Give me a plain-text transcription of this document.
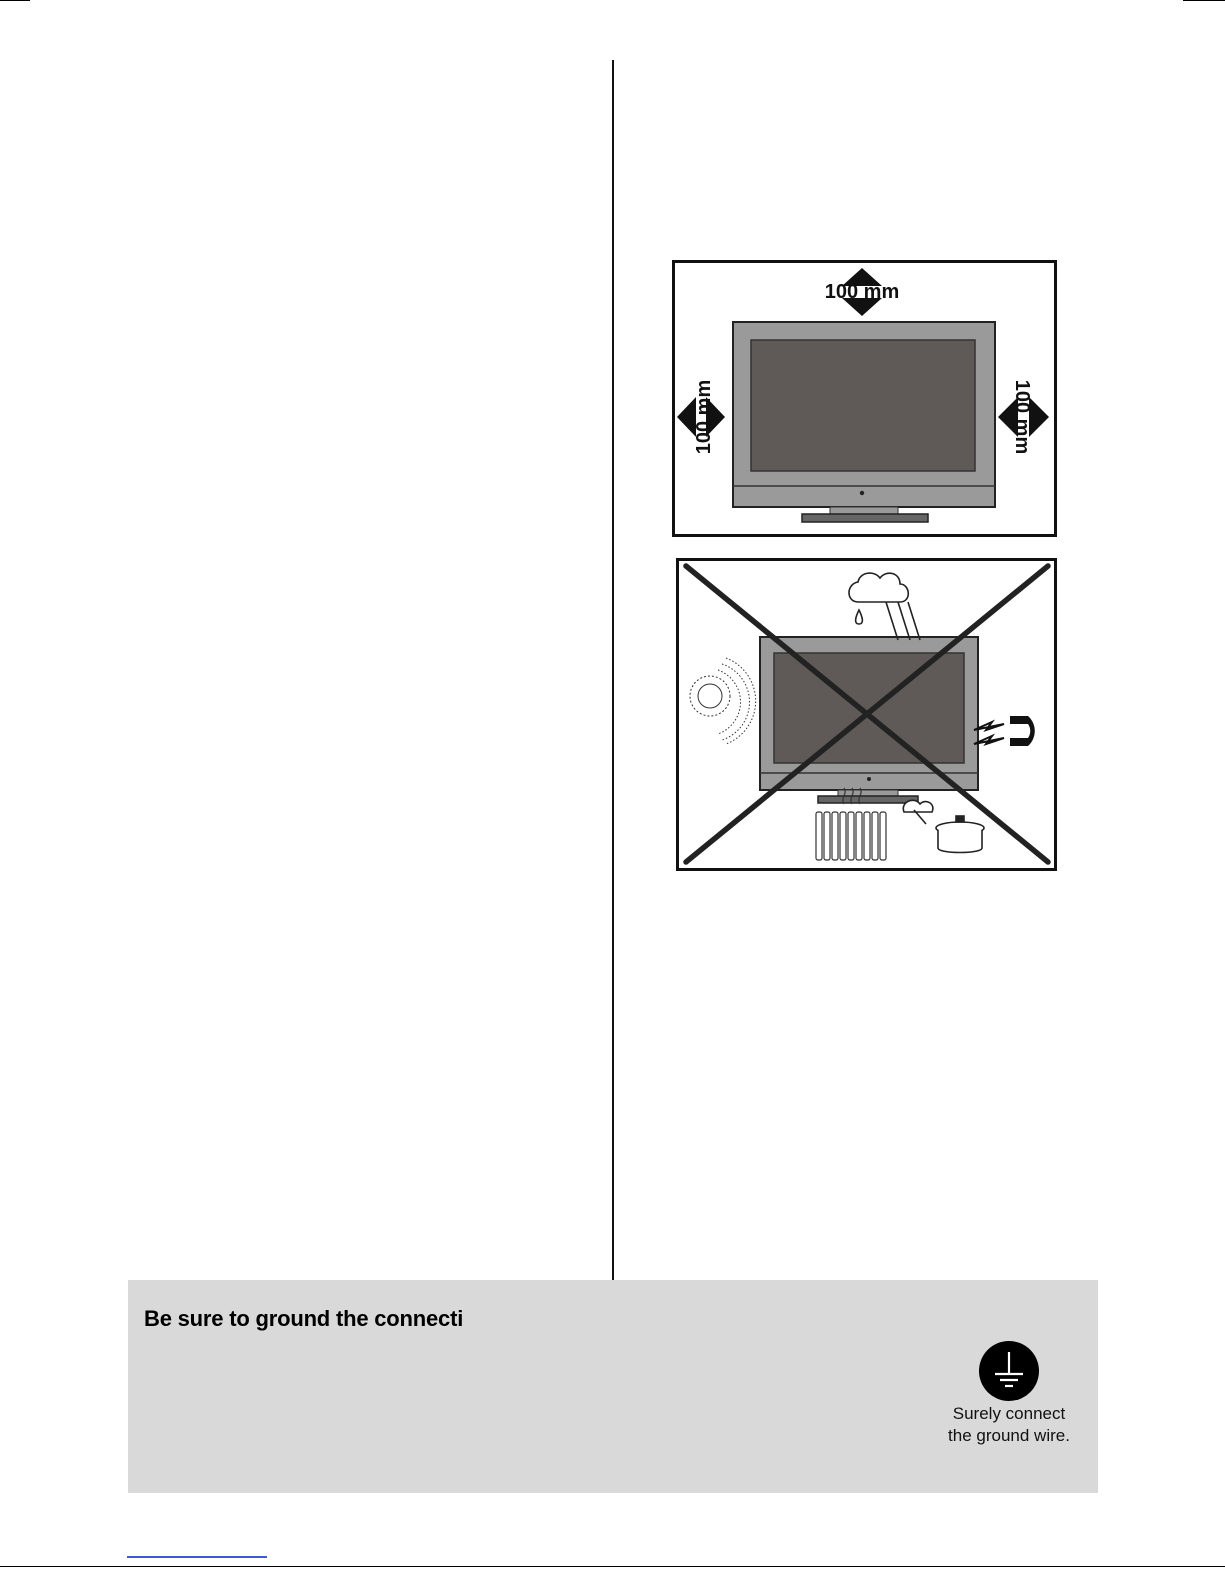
100 mm
100 mm	100 mm
Be sure to ground the connecti
Surely connect
the ground wire.
